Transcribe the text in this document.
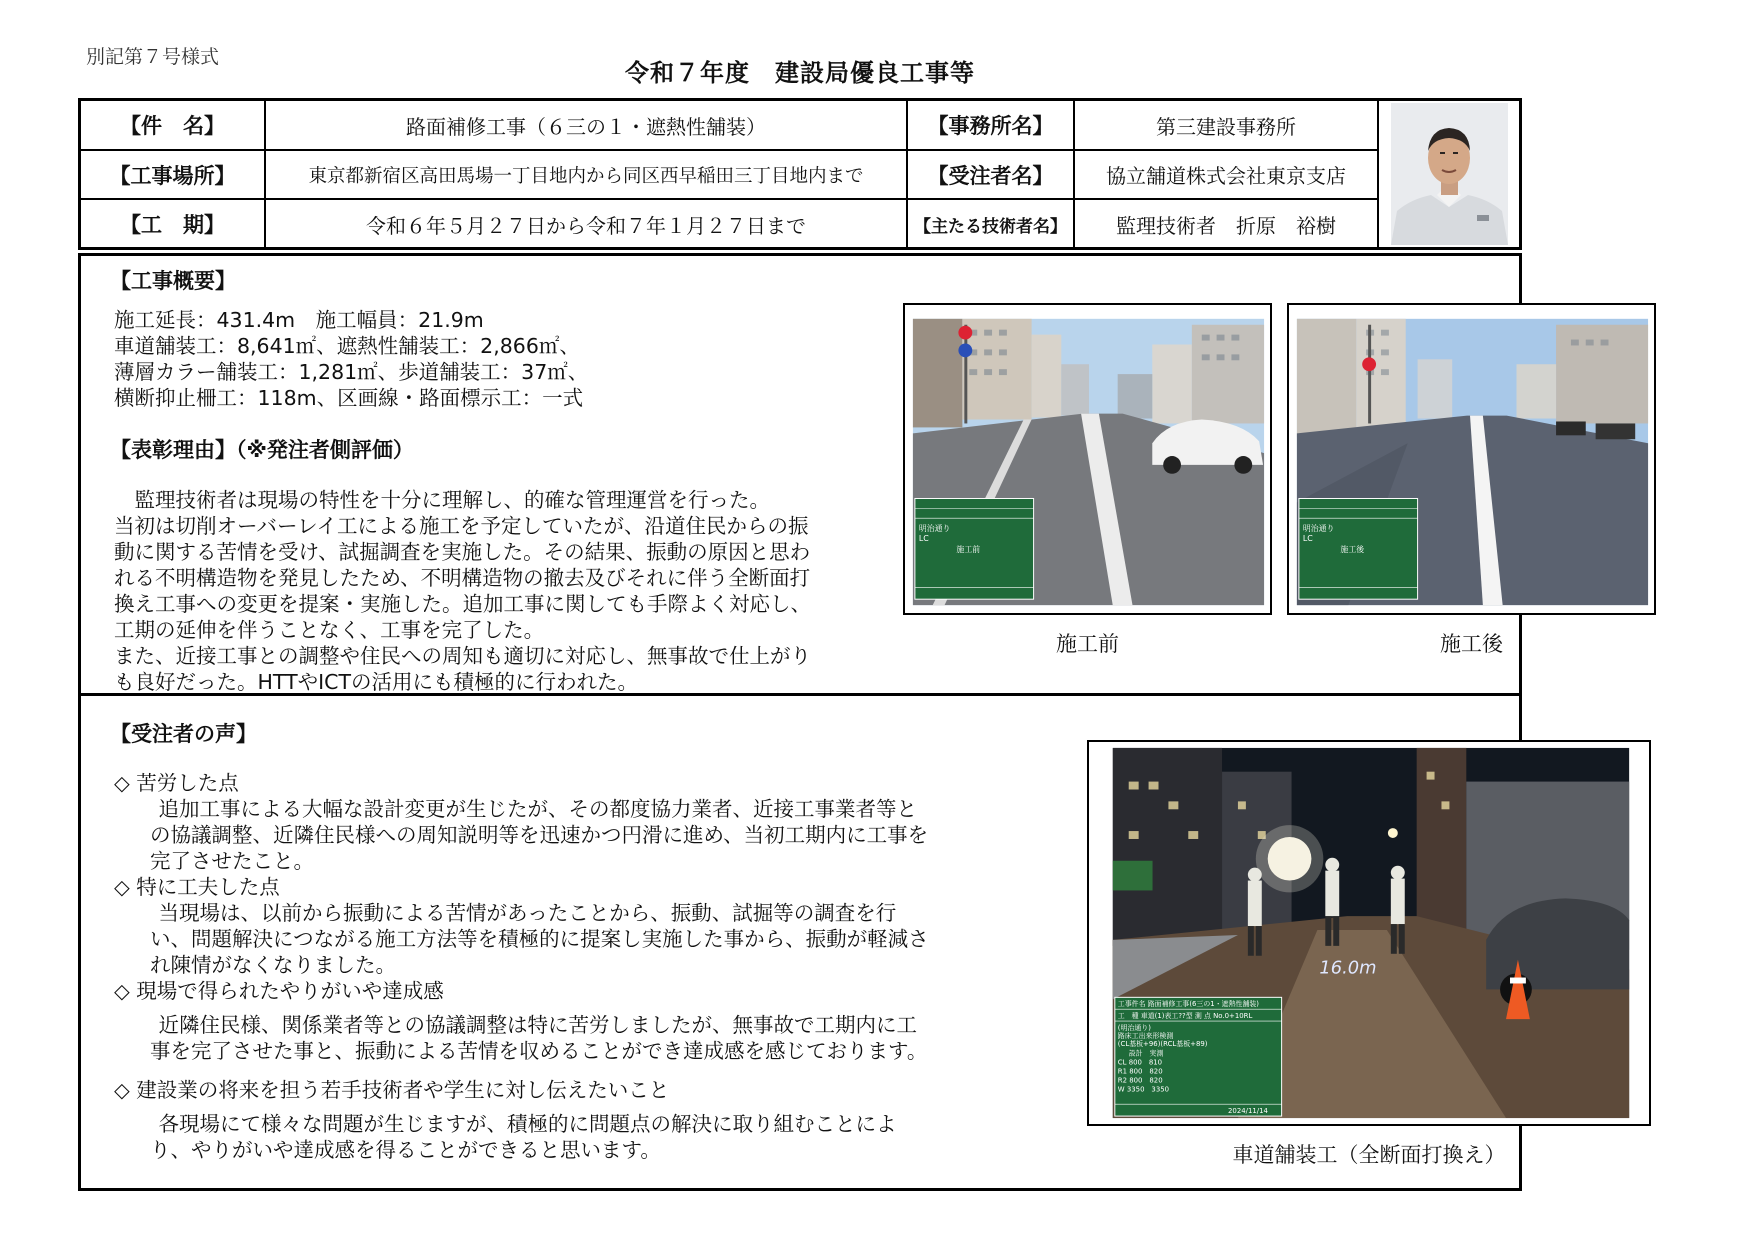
別記第７号様式
令和７年度　建設局優良工事等
【件　名】	路面補修工事（６三の１・遮熱性舗装）	【事務所名】	第三建設事務所
【工事場所】	東京都新宿区高田馬場一丁目地内から同区西早稲田三丁目地内まで	【受注者名】	協立舗道株式会社東京支店
【工　期】	令和６年５月２７日から令和７年１月２７日まで	【主たる技術者名】	監理技術者　折原　裕樹
【工事概要】
施工延長：431.4m　施工幅員：21.9m
車道舗装工：8,641㎡、遮熱性舗装工：2,866㎡、
薄層カラー舗装工：1,281㎡、歩道舗装工：37㎡、
横断抑止柵工：118m、区画線・路面標示工：一式
【表彰理由】（※発注者側評価）
　監理技術者は現場の特性を十分に理解し、的確な管理運営を行った。
当初は切削オーバーレイ工による施工を予定していたが、沿道住民からの振
動に関する苦情を受け、試掘調査を実施した。その結果、振動の原因と思わ
れる不明構造物を発見したため、不明構造物の撤去及びそれに伴う全断面打
換え工事への変更を提案・実施した。追加工事に関しても手際よく対応し、
工期の延伸を伴うことなく、工事を完了した。
また、近接工事との調整や住民への周知も適切に対応し、無事故で仕上がり
も良好だった。HTTやICTの活用にも積極的に行われた。
明治通り
LC
施工前
施工前
明治通り
LC
施工後
施工後
【受注者の声】
◇ 苦労した点
　追加工事による大幅な設計変更が生じたが、その都度協力業者、近接工事業者等と
の協議調整、近隣住民様への周知説明等を迅速かつ円滑に進め、当初工期内に工事を
完了させたこと。
◇ 特に工夫した点
　当現場は、以前から振動による苦情があったことから、振動、試掘等の調査を行
い、問題解決につながる施工方法等を積極的に提案し実施した事から、振動が軽減さ
れ陳情がなくなりました。
◇ 現場で得られたやりがいや達成感
　近隣住民様、関係業者等との協議調整は特に苦労しましたが、無事故で工期内に工
事を完了させた事と、振動による苦情を収めることができ達成感を感じております。
◇ 建設業の将来を担う若手技術者や学生に対し伝えたいこと
　各現場にて様々な問題が生じますが、積極的に問題点の解決に取り組むことによ
り、やりがいや達成感を得ることができると思います。
16.0m
工事件名 路面補修工事(6三の1・遮熱性舗装)
工　種 車道(1)表工??型 測 点 No.0+10RL
(明治通り)
路床工出来形検測
(CL基板+96)(RCL基板+89)
設計　実測
CL 800　810
R1 800　820
R2 800　820
W 3350　3350
2024/11/14
車道舗装工（全断面打換え）
